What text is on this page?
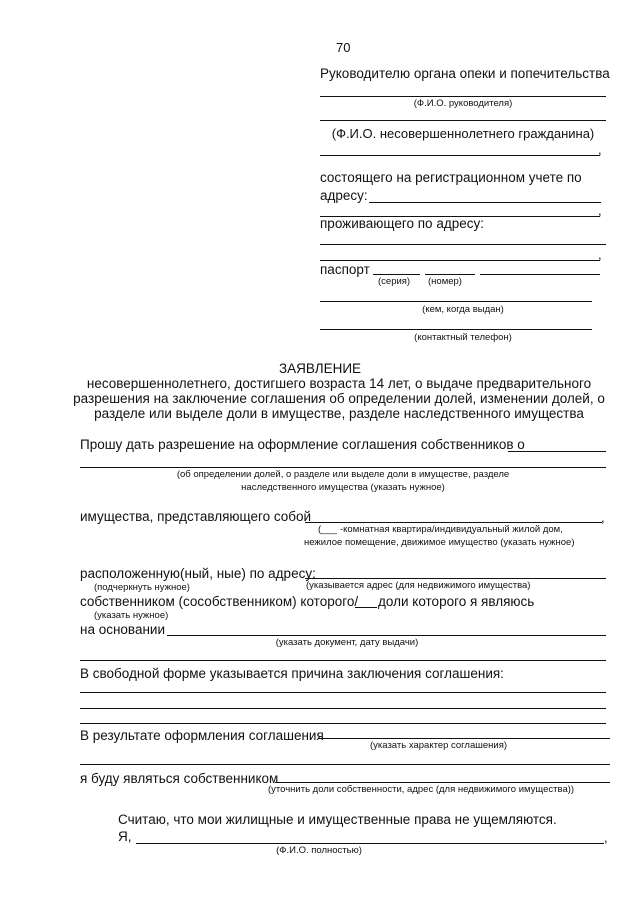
70
Руководителю органа опеки и попечительства
(Ф.И.О. руководителя)
(Ф.И.О. несовершеннолетнего гражданина)
,
состоящего на регистрационном учете по
адресу:
,
проживающего по адресу:
,
паспорт
(серия) (номер)
(кем, когда выдан)
(контактный телефон)
ЗАЯВЛЕНИЕ
несовершеннолетнего, достигшего возраста 14 лет, о выдаче предварительного
разрешения на заключение соглашения об определении долей, изменении долей, о
разделе или выделе доли в имуществе, разделе наследственного имущества
Прошу дать разрешение на оформление соглашения собственников о
(об определении долей, о разделе или выделе доли в имуществе, разделе
наследственного имущества (указать нужное)
имущества, представляющего собой	,
(___ -комнатная квартира/индивидуальный жилой дом,
нежилое помещение, движимое имущество (указать нужное)
расположенную(ный, ные) по адресу:
(подчеркнуть нужное)	(указывается адрес (для недвижимого имущества)
собственником (сособственником) которого/ доли которого я являюсь
(указать нужное)
на основании
(указать документ, дату выдачи)
В свободной форме указывается причина заключения соглашения:
В результате оформления соглашения
(указать характер соглашения)
я буду являться собственником
(уточнить доли собственности, адрес (для недвижимого имущества))
Считаю, что мои жилищные и имущественные права не ущемляются.
Я,	,
(Ф.И.О. полностью)
